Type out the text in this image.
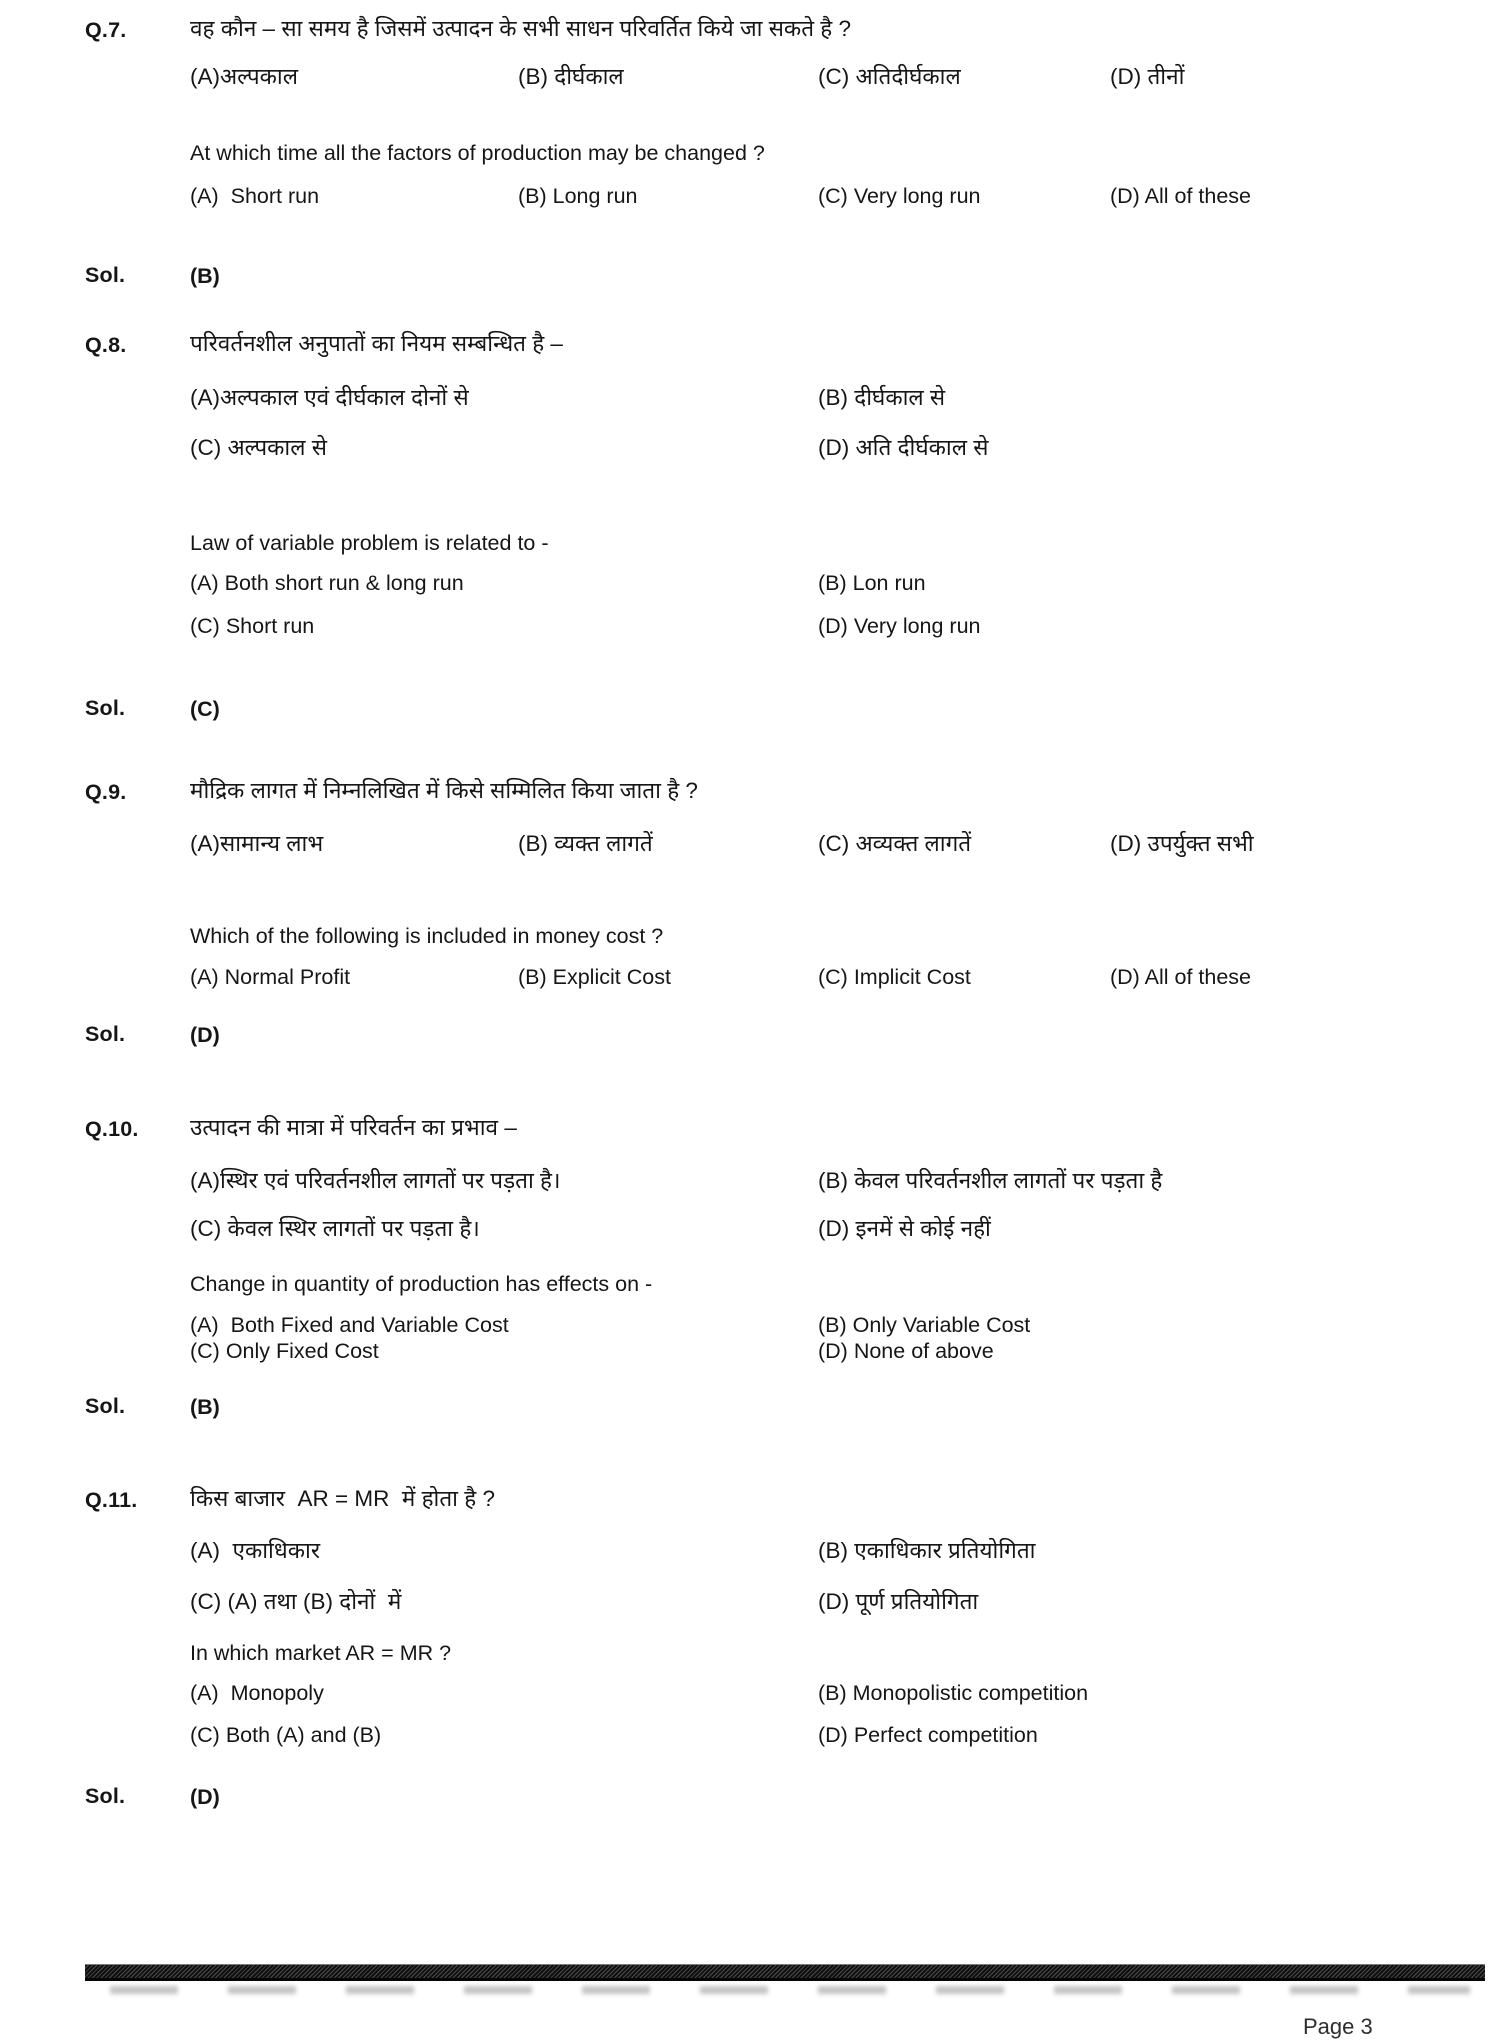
Q.7.	वह कौन – सा समय है जिसमें उत्पादन के सभी साधन परिवर्तित किये जा सकते है ?
(A)अल्पकाल	(B) दीर्घकाल	(C) अतिदीर्घकाल	(D) तीनों
At which time all the factors of production may be changed ?
(A)  Short run	(B) Long run	(C) Very long run	(D) All of these
Sol.	(B)
Q.8.	परिवर्तनशील अनुपातों का नियम सम्बन्धित है –
(A)अल्पकाल एवं दीर्घकाल दोनों से	(B) दीर्घकाल से
(C) अल्पकाल से	(D) अति दीर्घकाल से
Law of variable problem is related to -
(A) Both short run & long run	(B) Lon run
(C) Short run	(D) Very long run
Sol.	(C)
Q.9.	मौद्रिक लागत में निम्नलिखित में किसे सम्मिलित किया जाता है ?
(A)सामान्य लाभ	(B) व्यक्त लागतें	(C) अव्यक्त लागतें	(D) उपर्युक्त सभी
Which of the following is included in money cost ?
(A) Normal Profit	(B) Explicit Cost	(C) Implicit Cost	(D) All of these
Sol.	(D)
Q.10. उत्पादन की मात्रा में परिवर्तन का प्रभाव –
(A)स्थिर एवं परिवर्तनशील लागतों पर पड़ता है।	(B) केवल परिवर्तनशील लागतों पर पड़ता है
(C) केवल स्थिर लागतों पर पड़ता है।	(D) इनमें से कोई नहीं
Change in quantity of production has effects on -
(A)  Both Fixed and Variable Cost	(B) Only Variable Cost
(C) Only Fixed Cost	(D) None of above
Sol.	(B)
Q.11. किस बाजार  AR = MR  में होता है ?
(A)  एकाधिकार	(B) एकाधिकार प्रतियोगिता
(C) (A) तथा (B) दोनों  में	(D) पूर्ण प्रतियोगिता
In which market AR = MR ?
(A)  Monopoly	(B) Monopolistic competition
(C) Both (A) and (B)	(D) Perfect competition
Sol.	(D)
Page 3
